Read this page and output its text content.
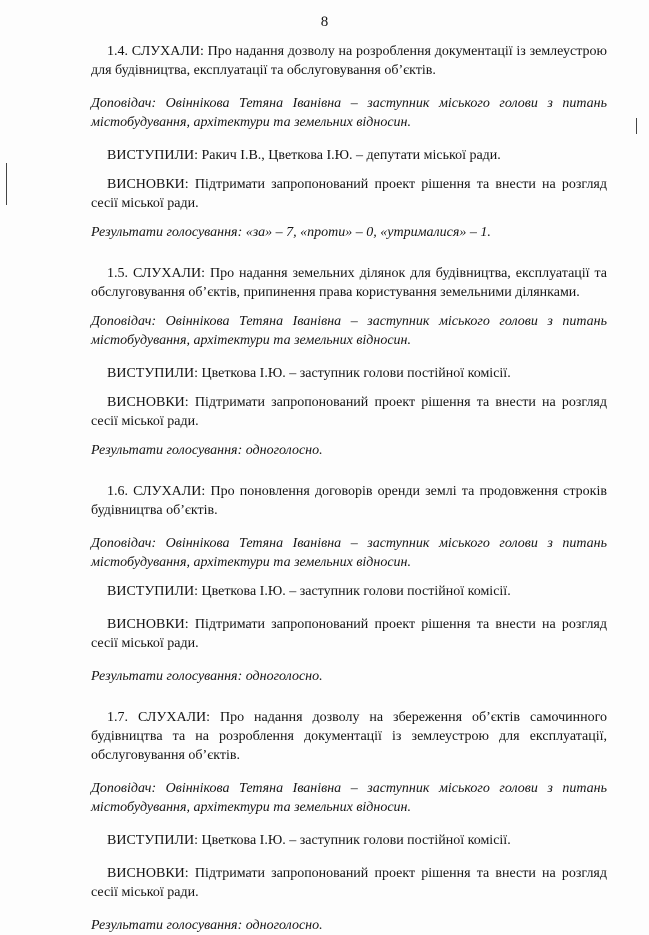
8

1.4. СЛУХАЛИ: Про надання дозволу на розроблення документації із землеустрою для будівництва, експлуатації та обслуговування об’єктів.

Доповідач: Овіннікова Тетяна Іванівна – заступник міського голови з питань містобудування, архітектури та земельних відносин.

ВИСТУПИЛИ: Ракич І.В., Цветкова І.Ю. – депутати міської ради.

ВИСНОВКИ: Підтримати запропонований проект рішення та внести на розгляд сесії міської ради.

Результати голосування: «за» – 7, «проти» – 0, «утрималися» – 1.

1.5. СЛУХАЛИ: Про надання земельних ділянок для будівництва, експлуатації та обслуговування об’єктів, припинення права користування земельними ділянками.

Доповідач: Овіннікова Тетяна Іванівна – заступник міського голови з питань містобудування, архітектури та земельних відносин.

ВИСТУПИЛИ: Цветкова І.Ю. – заступник голови постійної комісії.

ВИСНОВКИ: Підтримати запропонований проект рішення та внести на розгляд сесії міської ради.

Результати голосування: одноголосно.

1.6. СЛУХАЛИ: Про поновлення договорів оренди землі та продовження строків будівництва об’єктів.

Доповідач: Овіннікова Тетяна Іванівна – заступник міського голови з питань містобудування, архітектури та земельних відносин.

ВИСТУПИЛИ: Цветкова І.Ю. – заступник голови постійної комісії.

ВИСНОВКИ: Підтримати запропонований проект рішення та внести на розгляд сесії міської ради.

Результати голосування: одноголосно.

1.7. СЛУХАЛИ: Про надання дозволу на збереження об’єктів самочинного будівництва та на розроблення документації із землеустрою для експлуатації, обслуговування об’єктів.

Доповідач: Овіннікова Тетяна Іванівна – заступник міського голови з питань містобудування, архітектури та земельних відносин.

ВИСТУПИЛИ: Цветкова І.Ю. – заступник голови постійної комісії.

ВИСНОВКИ: Підтримати запропонований проект рішення та внести на розгляд сесії міської ради.

Результати голосування: одноголосно.
